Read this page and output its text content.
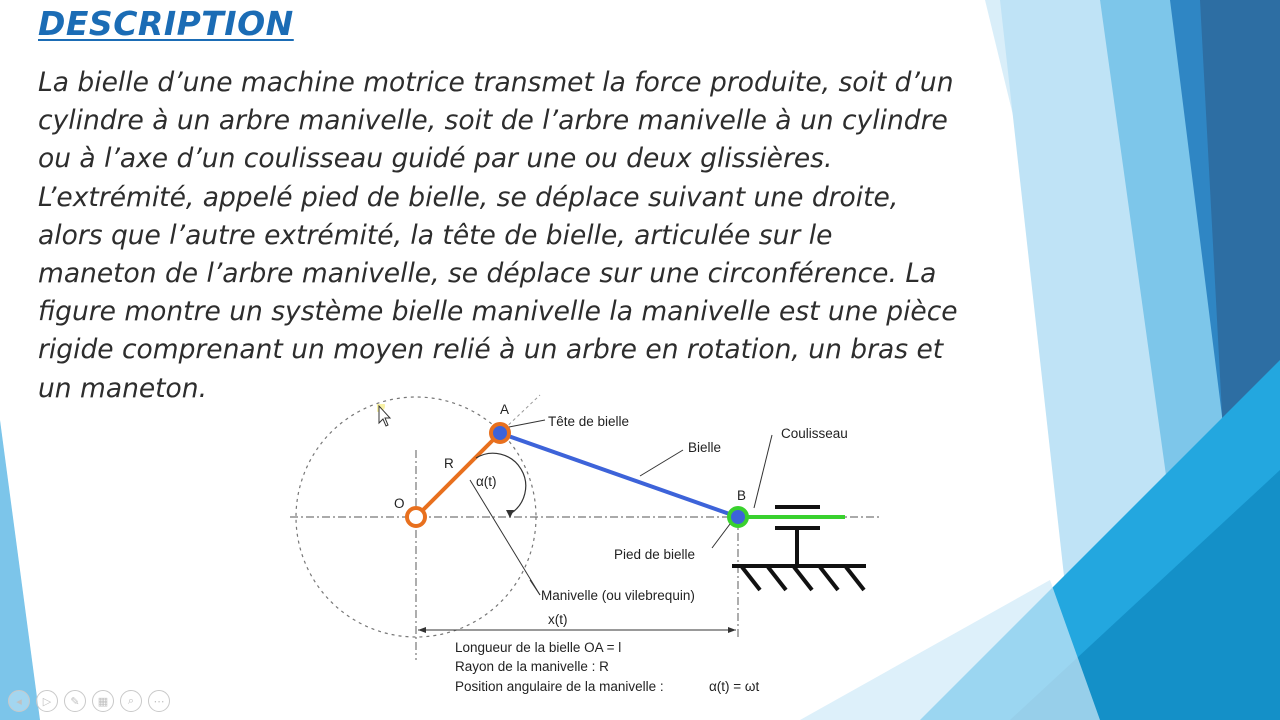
DESCRIPTION
La bielle d’une machine motrice transmet la force produite, soit d’un
cylindre à un arbre manivelle, soit de l’arbre manivelle à un cylindre
ou à l’axe d’un coulisseau guidé par une ou deux glissières.
L’extrémité, appelé pied de bielle, se déplace suivant une droite,
alors que l’autre extrémité, la tête de bielle, articulée sur le
maneton de l’arbre manivelle, se déplace sur une circonférence. La
figure montre un système bielle manivelle la manivelle est une pièce
rigide comprenant un moyen relié à un arbre en rotation, un bras et
un maneton.
A
B
O
R
α(t)
Tête de bielle
Bielle
Coulisseau
Pied de bielle
Manivelle (ou vilebrequin)
x(t)
Longueur de la bielle OA = l
Rayon de la manivelle : R
Position angulaire de la manivelle :	α(t) = ωt
◂	▷	✎	▦	⌕	⋯
